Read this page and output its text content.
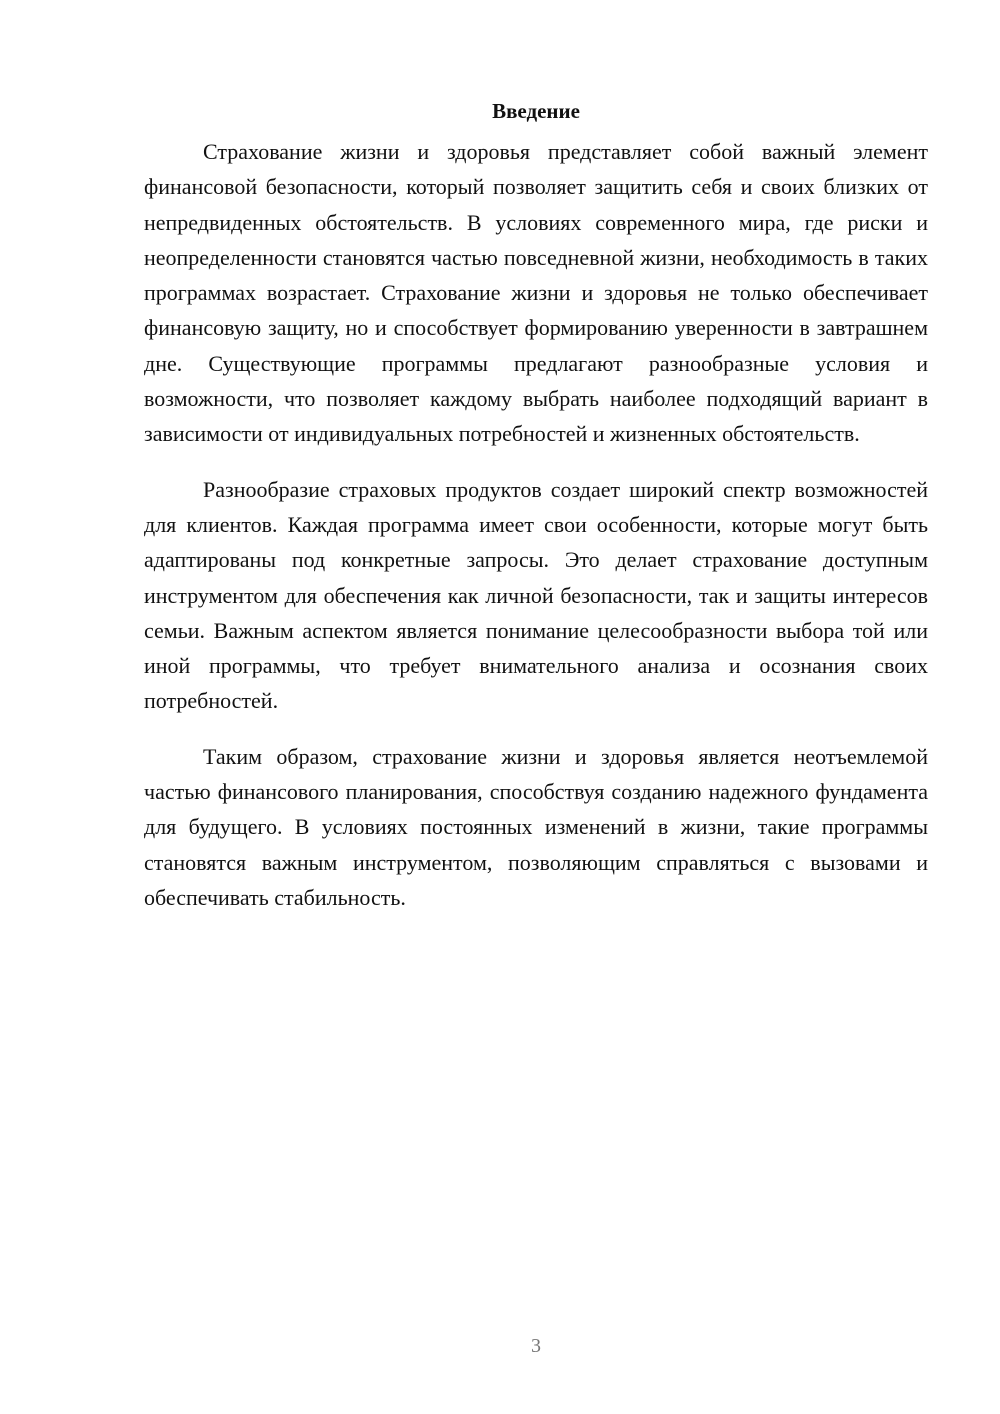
Введение

Страхование жизни и здоровья представляет собой важный элемент финансовой безопасности, который позволяет защитить себя и своих близких от непредвиденных обстоятельств. В условиях современного мира, где риски и неопределенности становятся частью повседневной жизни, необходимость в таких программах возрастает. Страхование жизни и здоровья не только обеспечивает финансовую защиту, но и способствует формированию уверенности в завтрашнем дне. Существующие программы предлагают разнообразные условия и возможности, что позволяет каждому выбрать наиболее подходящий вариант в зависимости от индивидуальных потребностей и жизненных обстоятельств.

Разнообразие страховых продуктов создает широкий спектр возможностей для клиентов. Каждая программа имеет свои особенности, которые могут быть адаптированы под конкретные запросы. Это делает страхование доступным инструментом для обеспечения как личной безопасности, так и защиты интересов семьи. Важным аспектом является понимание целесообразности выбора той или иной программы, что требует внимательного анализа и осознания своих потребностей.

Таким образом, страхование жизни и здоровья является неотъемлемой частью финансового планирования, способствуя созданию надежного фундамента для будущего. В условиях постоянных изменений в жизни, такие программы становятся важным инструментом, позволяющим справляться с вызовами и обеспечивать стабильность.

3
